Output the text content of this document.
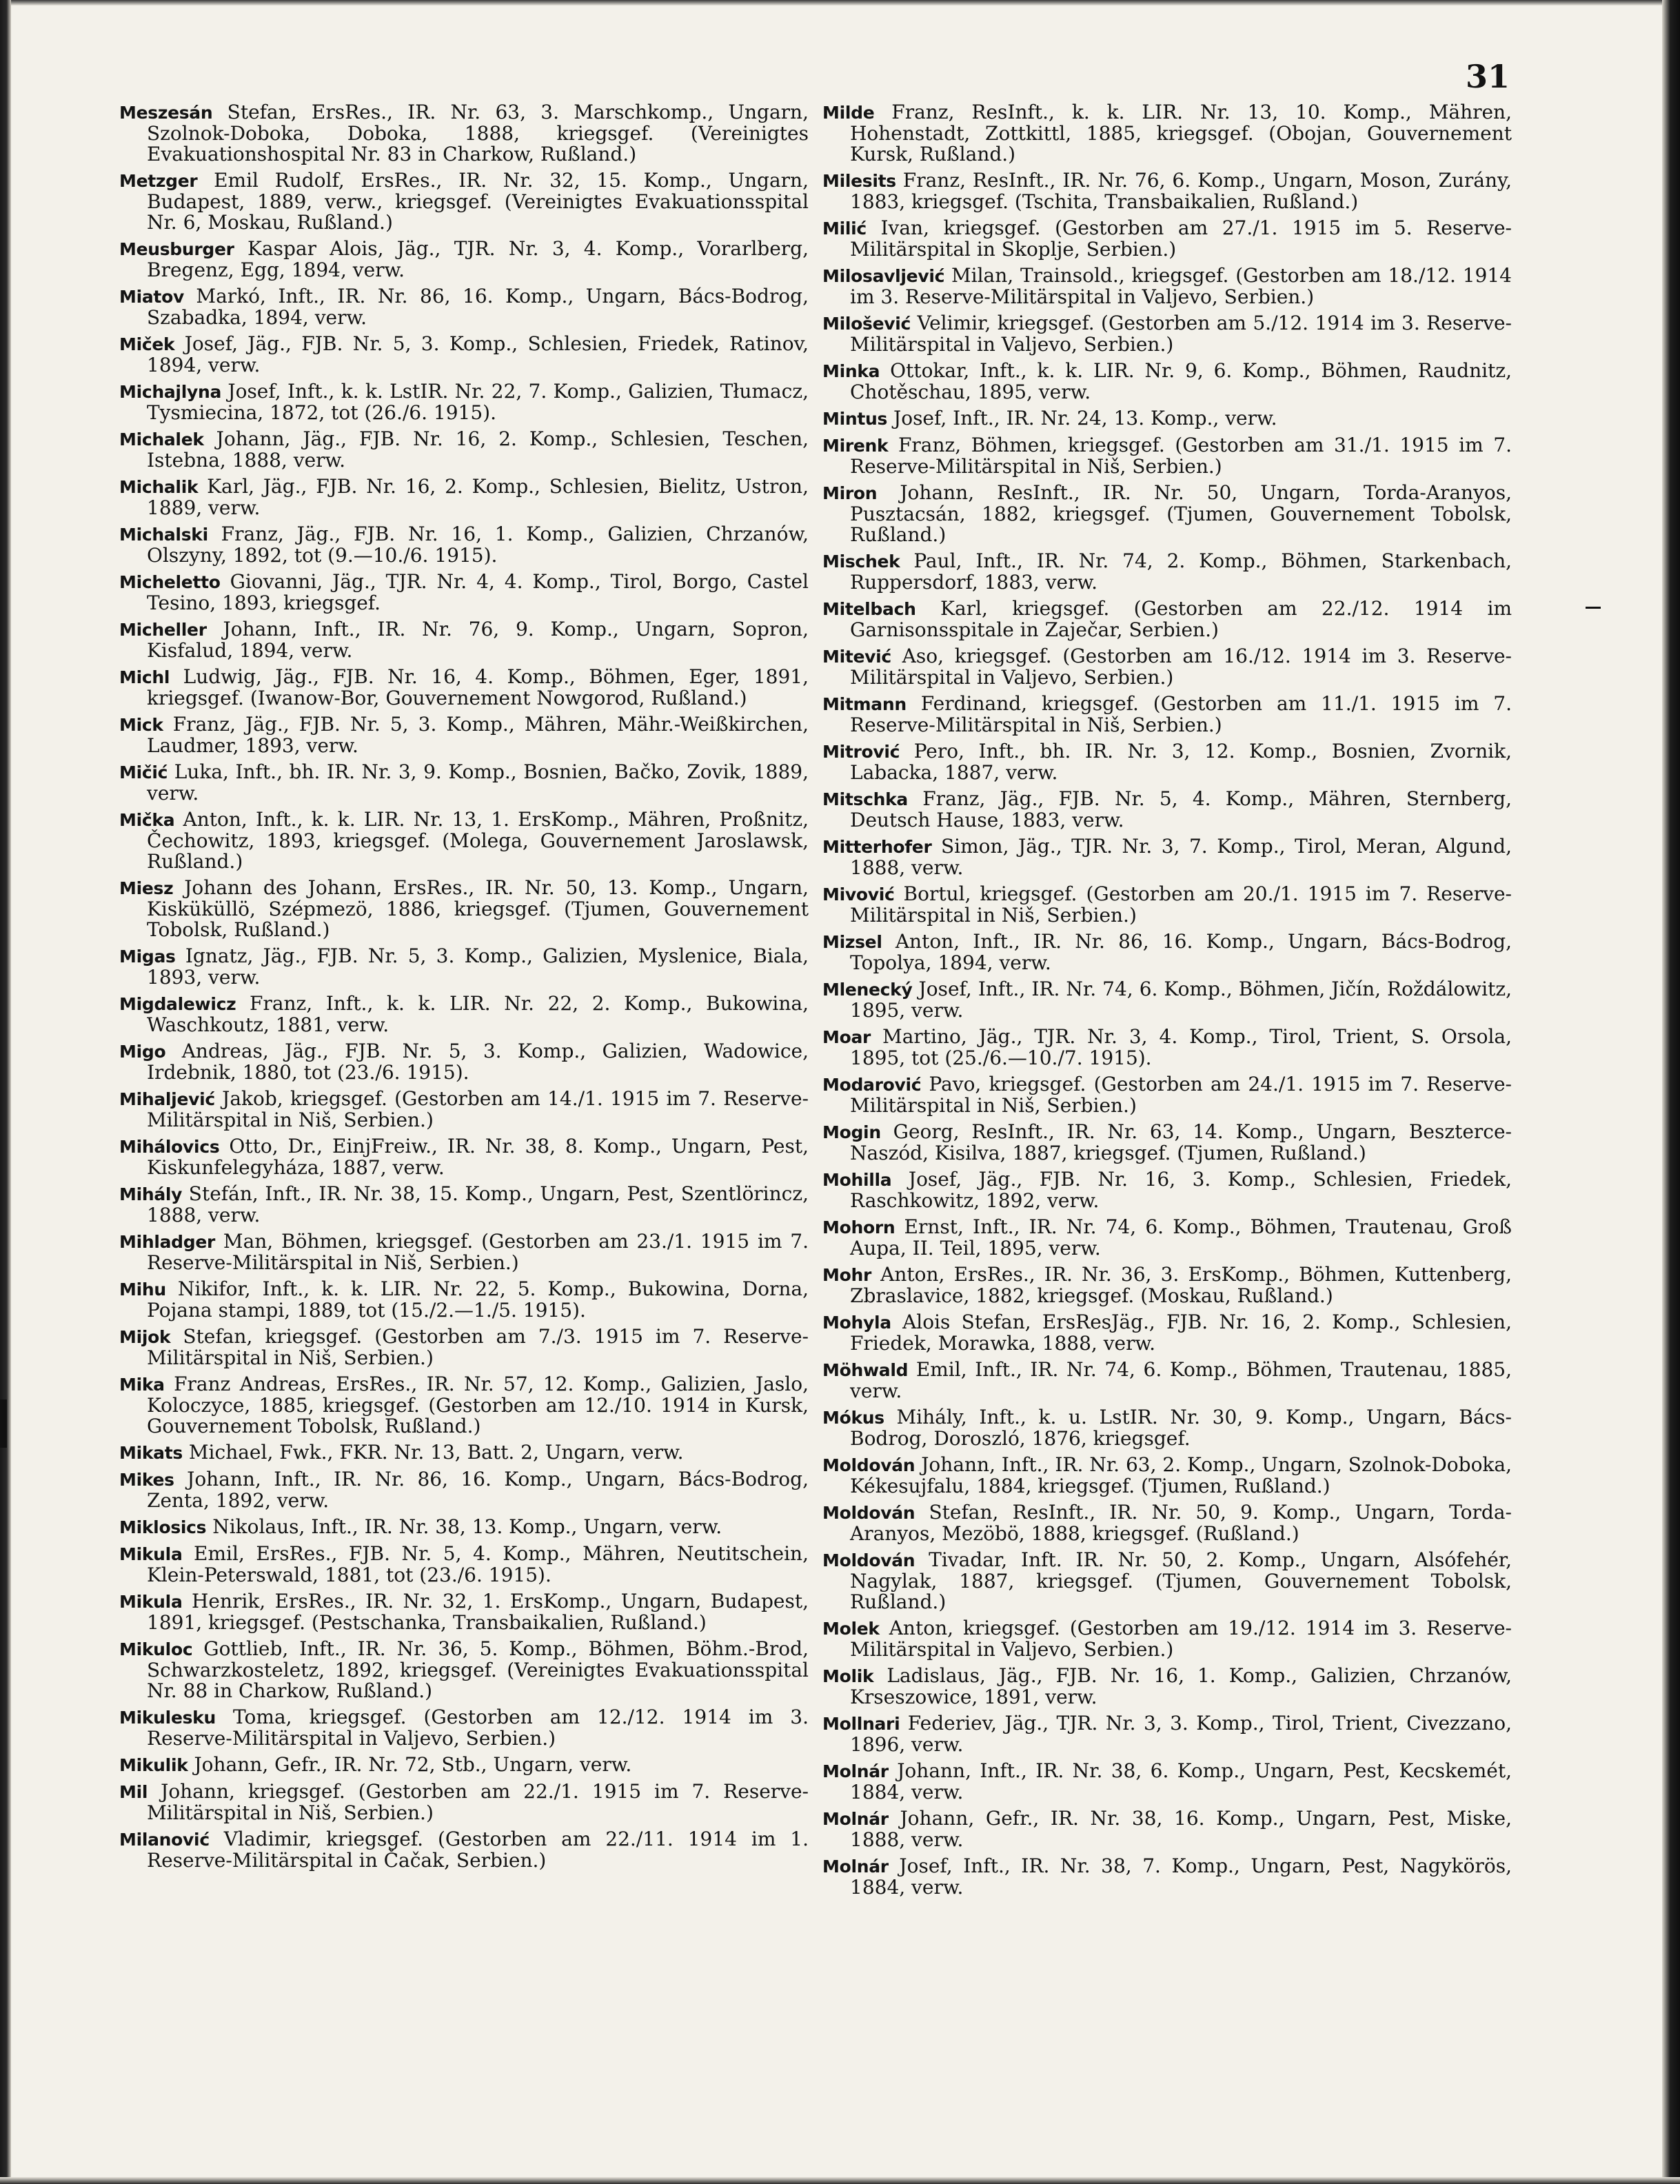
31

Meszesán Stefan, ErsRes., IR. Nr. 63, 3. Marschkomp., Ungarn, Szolnok-Doboka, Doboka, 1888, kriegsgef. (Vereinigtes Evakuationshospital Nr. 83 in Charkow, Rußland.)

Metzger Emil Rudolf, ErsRes., IR. Nr. 32, 15. Komp., Ungarn, Budapest, 1889, verw., kriegsgef. (Vereinigtes Evakuationsspital Nr. 6, Moskau, Rußland.)

Meusburger Kaspar Alois, Jäg., TJR. Nr. 3, 4. Komp., Vorarlberg, Bregenz, Egg, 1894, verw.

Miatov Markó, Inft., IR. Nr. 86, 16. Komp., Ungarn, Bács-Bodrog, Szabadka, 1894, verw.

Miček Josef, Jäg., FJB. Nr. 5, 3. Komp., Schlesien, Friedek, Ratinov, 1894, verw.

Michajlyna Josef, Inft., k. k. LstIR. Nr. 22, 7. Komp., Galizien, Tłumacz, Tysmiecina, 1872, tot (26./6. 1915).

Michalek Johann, Jäg., FJB. Nr. 16, 2. Komp., Schlesien, Teschen, Istebna, 1888, verw.

Michalik Karl, Jäg., FJB. Nr. 16, 2. Komp., Schlesien, Bielitz, Ustron, 1889, verw.

Michalski Franz, Jäg., FJB. Nr. 16, 1. Komp., Galizien, Chrzanów, Olszyny, 1892, tot (9.—10./6. 1915).

Micheletto Giovanni, Jäg., TJR. Nr. 4, 4. Komp., Tirol, Borgo, Castel Tesino, 1893, kriegsgef.

Micheller Johann, Inft., IR. Nr. 76, 9. Komp., Ungarn, Sopron, Kisfalud, 1894, verw.

Michl Ludwig, Jäg., FJB. Nr. 16, 4. Komp., Böhmen, Eger, 1891, kriegsgef. (Iwanow-Bor, Gouvernement Nowgorod, Rußland.)

Mick Franz, Jäg., FJB. Nr. 5, 3. Komp., Mähren, Mähr.-Weißkirchen, Laudmer, 1893, verw.

Mičić Luka, Inft., bh. IR. Nr. 3, 9. Komp., Bosnien, Bačko, Zovik, 1889, verw.

Mička Anton, Inft., k. k. LIR. Nr. 13, 1. ErsKomp., Mähren, Proßnitz, Čechowitz, 1893, kriegsgef. (Molega, Gouvernement Jaroslawsk, Rußland.)

Miesz Johann des Johann, ErsRes., IR. Nr. 50, 13. Komp., Ungarn, Kisküküllö, Szépmezö, 1886, kriegsgef. (Tjumen, Gouvernement Tobolsk, Rußland.)

Migas Ignatz, Jäg., FJB. Nr. 5, 3. Komp., Galizien, Myslenice, Biala, 1893, verw.

Migdalewicz Franz, Inft., k. k. LIR. Nr. 22, 2. Komp., Bukowina, Waschkoutz, 1881, verw.

Migo Andreas, Jäg., FJB. Nr. 5, 3. Komp., Galizien, Wadowice, Irdebnik, 1880, tot (23./6. 1915).

Mihaljević Jakob, kriegsgef. (Gestorben am 14./1. 1915 im 7. Reserve-Militärspital in Niš, Serbien.)

Mihálovics Otto, Dr., EinjFreiw., IR. Nr. 38, 8. Komp., Ungarn, Pest, Kiskunfelegyháza, 1887, verw.

Mihály Stefán, Inft., IR. Nr. 38, 15. Komp., Ungarn, Pest, Szentlörincz, 1888, verw.

Mihladger Man, Böhmen, kriegsgef. (Gestorben am 23./1. 1915 im 7. Reserve-Militärspital in Niš, Serbien.)

Mihu Nikifor, Inft., k. k. LIR. Nr. 22, 5. Komp., Bukowina, Dorna, Pojana stampi, 1889, tot (15./2.—1./5. 1915).

Mijok Stefan, kriegsgef. (Gestorben am 7./3. 1915 im 7. Reserve-Militärspital in Niš, Serbien.)

Mika Franz Andreas, ErsRes., IR. Nr. 57, 12. Komp., Galizien, Jaslo, Koloczyce, 1885, kriegsgef. (Gestorben am 12./10. 1914 in Kursk, Gouvernement Tobolsk, Rußland.)

Mikats Michael, Fwk., FKR. Nr. 13, Batt. 2, Ungarn, verw.

Mikes Johann, Inft., IR. Nr. 86, 16. Komp., Ungarn, Bács-Bodrog, Zenta, 1892, verw.

Miklosics Nikolaus, Inft., IR. Nr. 38, 13. Komp., Ungarn, verw.

Mikula Emil, ErsRes., FJB. Nr. 5, 4. Komp., Mähren, Neutitschein, Klein-Peterswald, 1881, tot (23./6. 1915).

Mikula Henrik, ErsRes., IR. Nr. 32, 1. ErsKomp., Ungarn, Budapest, 1891, kriegsgef. (Pestschanka, Transbaikalien, Rußland.)

Mikuloc Gottlieb, Inft., IR. Nr. 36, 5. Komp., Böhmen, Böhm.-Brod, Schwarzkosteletz, 1892, kriegsgef. (Vereinigtes Evakuationsspital Nr. 88 in Charkow, Rußland.)

Mikulesku Toma, kriegsgef. (Gestorben am 12./12. 1914 im 3. Reserve-Militärspital in Valjevo, Serbien.)

Mikulik Johann, Gefr., IR. Nr. 72, Stb., Ungarn, verw.

Mil Johann, kriegsgef. (Gestorben am 22./1. 1915 im 7. Reserve-Militärspital in Niš, Serbien.)

Milanović Vladimir, kriegsgef. (Gestorben am 22./11. 1914 im 1. Reserve-Militärspital in Čačak, Serbien.)

Milde Franz, ResInft., k. k. LIR. Nr. 13, 10. Komp., Mähren, Hohenstadt, Zottkittl, 1885, kriegsgef. (Obojan, Gouvernement Kursk, Rußland.)

Milesits Franz, ResInft., IR. Nr. 76, 6. Komp., Ungarn, Moson, Zurány, 1883, kriegsgef. (Tschita, Transbaikalien, Rußland.)

Milić Ivan, kriegsgef. (Gestorben am 27./1. 1915 im 5. Reserve-Militärspital in Skoplje, Serbien.)

Milosavljević Milan, Trainsold., kriegsgef. (Gestorben am 18./12. 1914 im 3. Reserve-Militärspital in Valjevo, Serbien.)

Milošević Velimir, kriegsgef. (Gestorben am 5./12. 1914 im 3. Reserve-Militärspital in Valjevo, Serbien.)

Minka Ottokar, Inft., k. k. LIR. Nr. 9, 6. Komp., Böhmen, Raudnitz, Chotěschau, 1895, verw.

Mintus Josef, Inft., IR. Nr. 24, 13. Komp., verw.

Mirenk Franz, Böhmen, kriegsgef. (Gestorben am 31./1. 1915 im 7. Reserve-Militärspital in Niš, Serbien.)

Miron Johann, ResInft., IR. Nr. 50, Ungarn, Torda-Aranyos, Pusztacsán, 1882, kriegsgef. (Tjumen, Gouvernement Tobolsk, Rußland.)

Mischek Paul, Inft., IR. Nr. 74, 2. Komp., Böhmen, Starkenbach, Ruppersdorf, 1883, verw.

Mitelbach Karl, kriegsgef. (Gestorben am 22./12. 1914 im Garnisonsspitale in Zaječar, Serbien.)

Mitević Aso, kriegsgef. (Gestorben am 16./12. 1914 im 3. Reserve-Militärspital in Valjevo, Serbien.)

Mitmann Ferdinand, kriegsgef. (Gestorben am 11./1. 1915 im 7. Reserve-Militärspital in Niš, Serbien.)

Mitrović Pero, Inft., bh. IR. Nr. 3, 12. Komp., Bosnien, Zvornik, Labacka, 1887, verw.

Mitschka Franz, Jäg., FJB. Nr. 5, 4. Komp., Mähren, Sternberg, Deutsch Hause, 1883, verw.

Mitterhofer Simon, Jäg., TJR. Nr. 3, 7. Komp., Tirol, Meran, Algund, 1888, verw.

Mivović Bortul, kriegsgef. (Gestorben am 20./1. 1915 im 7. Reserve-Militärspital in Niš, Serbien.)

Mizsel Anton, Inft., IR. Nr. 86, 16. Komp., Ungarn, Bács-Bodrog, Topolya, 1894, verw.

Mlenecký Josef, Inft., IR. Nr. 74, 6. Komp., Böhmen, Jičín, Roždálowitz, 1895, verw.

Moar Martino, Jäg., TJR. Nr. 3, 4. Komp., Tirol, Trient, S. Orsola, 1895, tot (25./6.—10./7. 1915).

Modarović Pavo, kriegsgef. (Gestorben am 24./1. 1915 im 7. Reserve-Militärspital in Niš, Serbien.)

Mogin Georg, ResInft., IR. Nr. 63, 14. Komp., Ungarn, Beszterce-Naszód, Kisilva, 1887, kriegsgef. (Tjumen, Rußland.)

Mohilla Josef, Jäg., FJB. Nr. 16, 3. Komp., Schlesien, Friedek, Raschkowitz, 1892, verw.

Mohorn Ernst, Inft., IR. Nr. 74, 6. Komp., Böhmen, Trautenau, Groß Aupa, II. Teil, 1895, verw.

Mohr Anton, ErsRes., IR. Nr. 36, 3. ErsKomp., Böhmen, Kuttenberg, Zbraslavice, 1882, kriegsgef. (Moskau, Rußland.)

Mohyla Alois Stefan, ErsResJäg., FJB. Nr. 16, 2. Komp., Schlesien, Friedek, Morawka, 1888, verw.

Möhwald Emil, Inft., IR. Nr. 74, 6. Komp., Böhmen, Trautenau, 1885, verw.

Mókus Mihály, Inft., k. u. LstIR. Nr. 30, 9. Komp., Ungarn, Bács-Bodrog, Doroszló, 1876, kriegsgef.

Moldován Johann, Inft., IR. Nr. 63, 2. Komp., Ungarn, Szolnok-Doboka, Kékesujfalu, 1884, kriegsgef. (Tjumen, Rußland.)

Moldován Stefan, ResInft., IR. Nr. 50, 9. Komp., Ungarn, Torda-Aranyos, Mezöbö, 1888, kriegsgef. (Rußland.)

Moldován Tivadar, Inft. IR. Nr. 50, 2. Komp., Ungarn, Alsófehér, Nagylak, 1887, kriegsgef. (Tjumen, Gouvernement Tobolsk, Rußland.)

Molek Anton, kriegsgef. (Gestorben am 19./12. 1914 im 3. Reserve-Militärspital in Valjevo, Serbien.)

Molik Ladislaus, Jäg., FJB. Nr. 16, 1. Komp., Galizien, Chrzanów, Krseszowice, 1891, verw.

Mollnari Federiev, Jäg., TJR. Nr. 3, 3. Komp., Tirol, Trient, Civezzano, 1896, verw.

Molnár Johann, Inft., IR. Nr. 38, 6. Komp., Ungarn, Pest, Kecskemét, 1884, verw.

Molnár Johann, Gefr., IR. Nr. 38, 16. Komp., Ungarn, Pest, Miske, 1888, verw.

Molnár Josef, Inft., IR. Nr. 38, 7. Komp., Ungarn, Pest, Nagykörös, 1884, verw.
